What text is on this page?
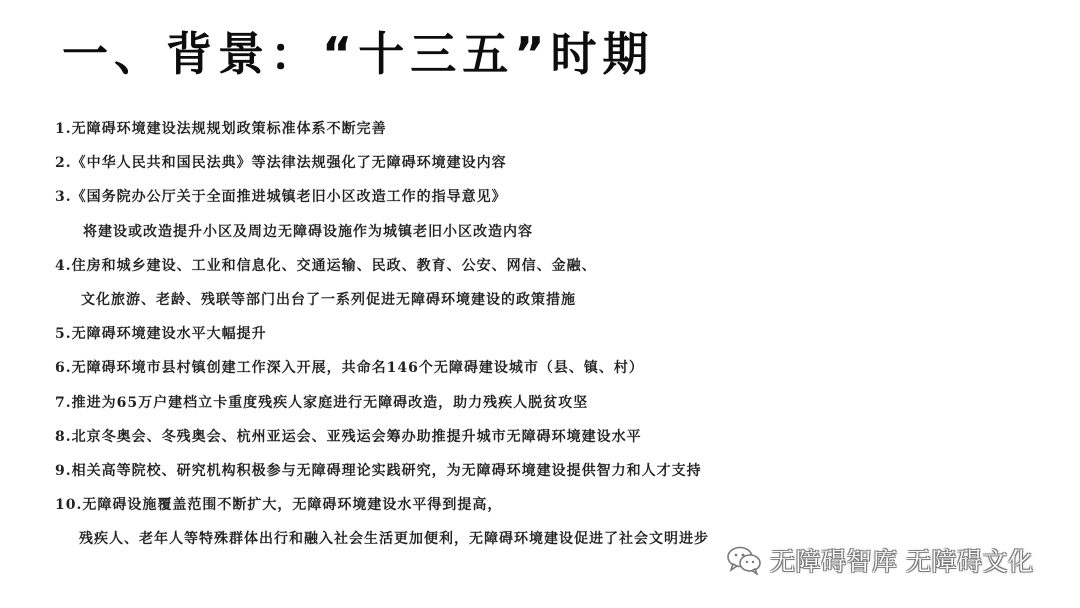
一、背景：“十三五”时期
1.无障碍环境建设法规规划政策标准体系不断完善
2.《中华人民共和国民法典》等法律法规强化了无障碍环境建设内容
3.《国务院办公厅关于全面推进城镇老旧小区改造工作的指导意见》
将建设或改造提升小区及周边无障碍设施作为城镇老旧小区改造内容
4.住房和城乡建设、工业和信息化、交通运输、民政、教育、公安、网信、金融、
文化旅游、老龄、残联等部门出台了一系列促进无障碍环境建设的政策措施
5.无障碍环境建设水平大幅提升
6.无障碍环境市县村镇创建工作深入开展，共命名146个无障碍建设城市（县、镇、村）
7.推进为65万户建档立卡重度残疾人家庭进行无障碍改造，助力残疾人脱贫攻坚
8.北京冬奥会、冬残奥会、杭州亚运会、亚残运会筹办助推提升城市无障碍环境建设水平
9.相关高等院校、研究机构积极参与无障碍理论实践研究，为无障碍环境建设提供智力和人才支持
10.无障碍设施覆盖范围不断扩大，无障碍环境建设水平得到提高，
残疾人、老年人等特殊群体出行和融入社会生活更加便利，无障碍环境建设促进了社会文明进步
无障碍智库 无障碍文化
